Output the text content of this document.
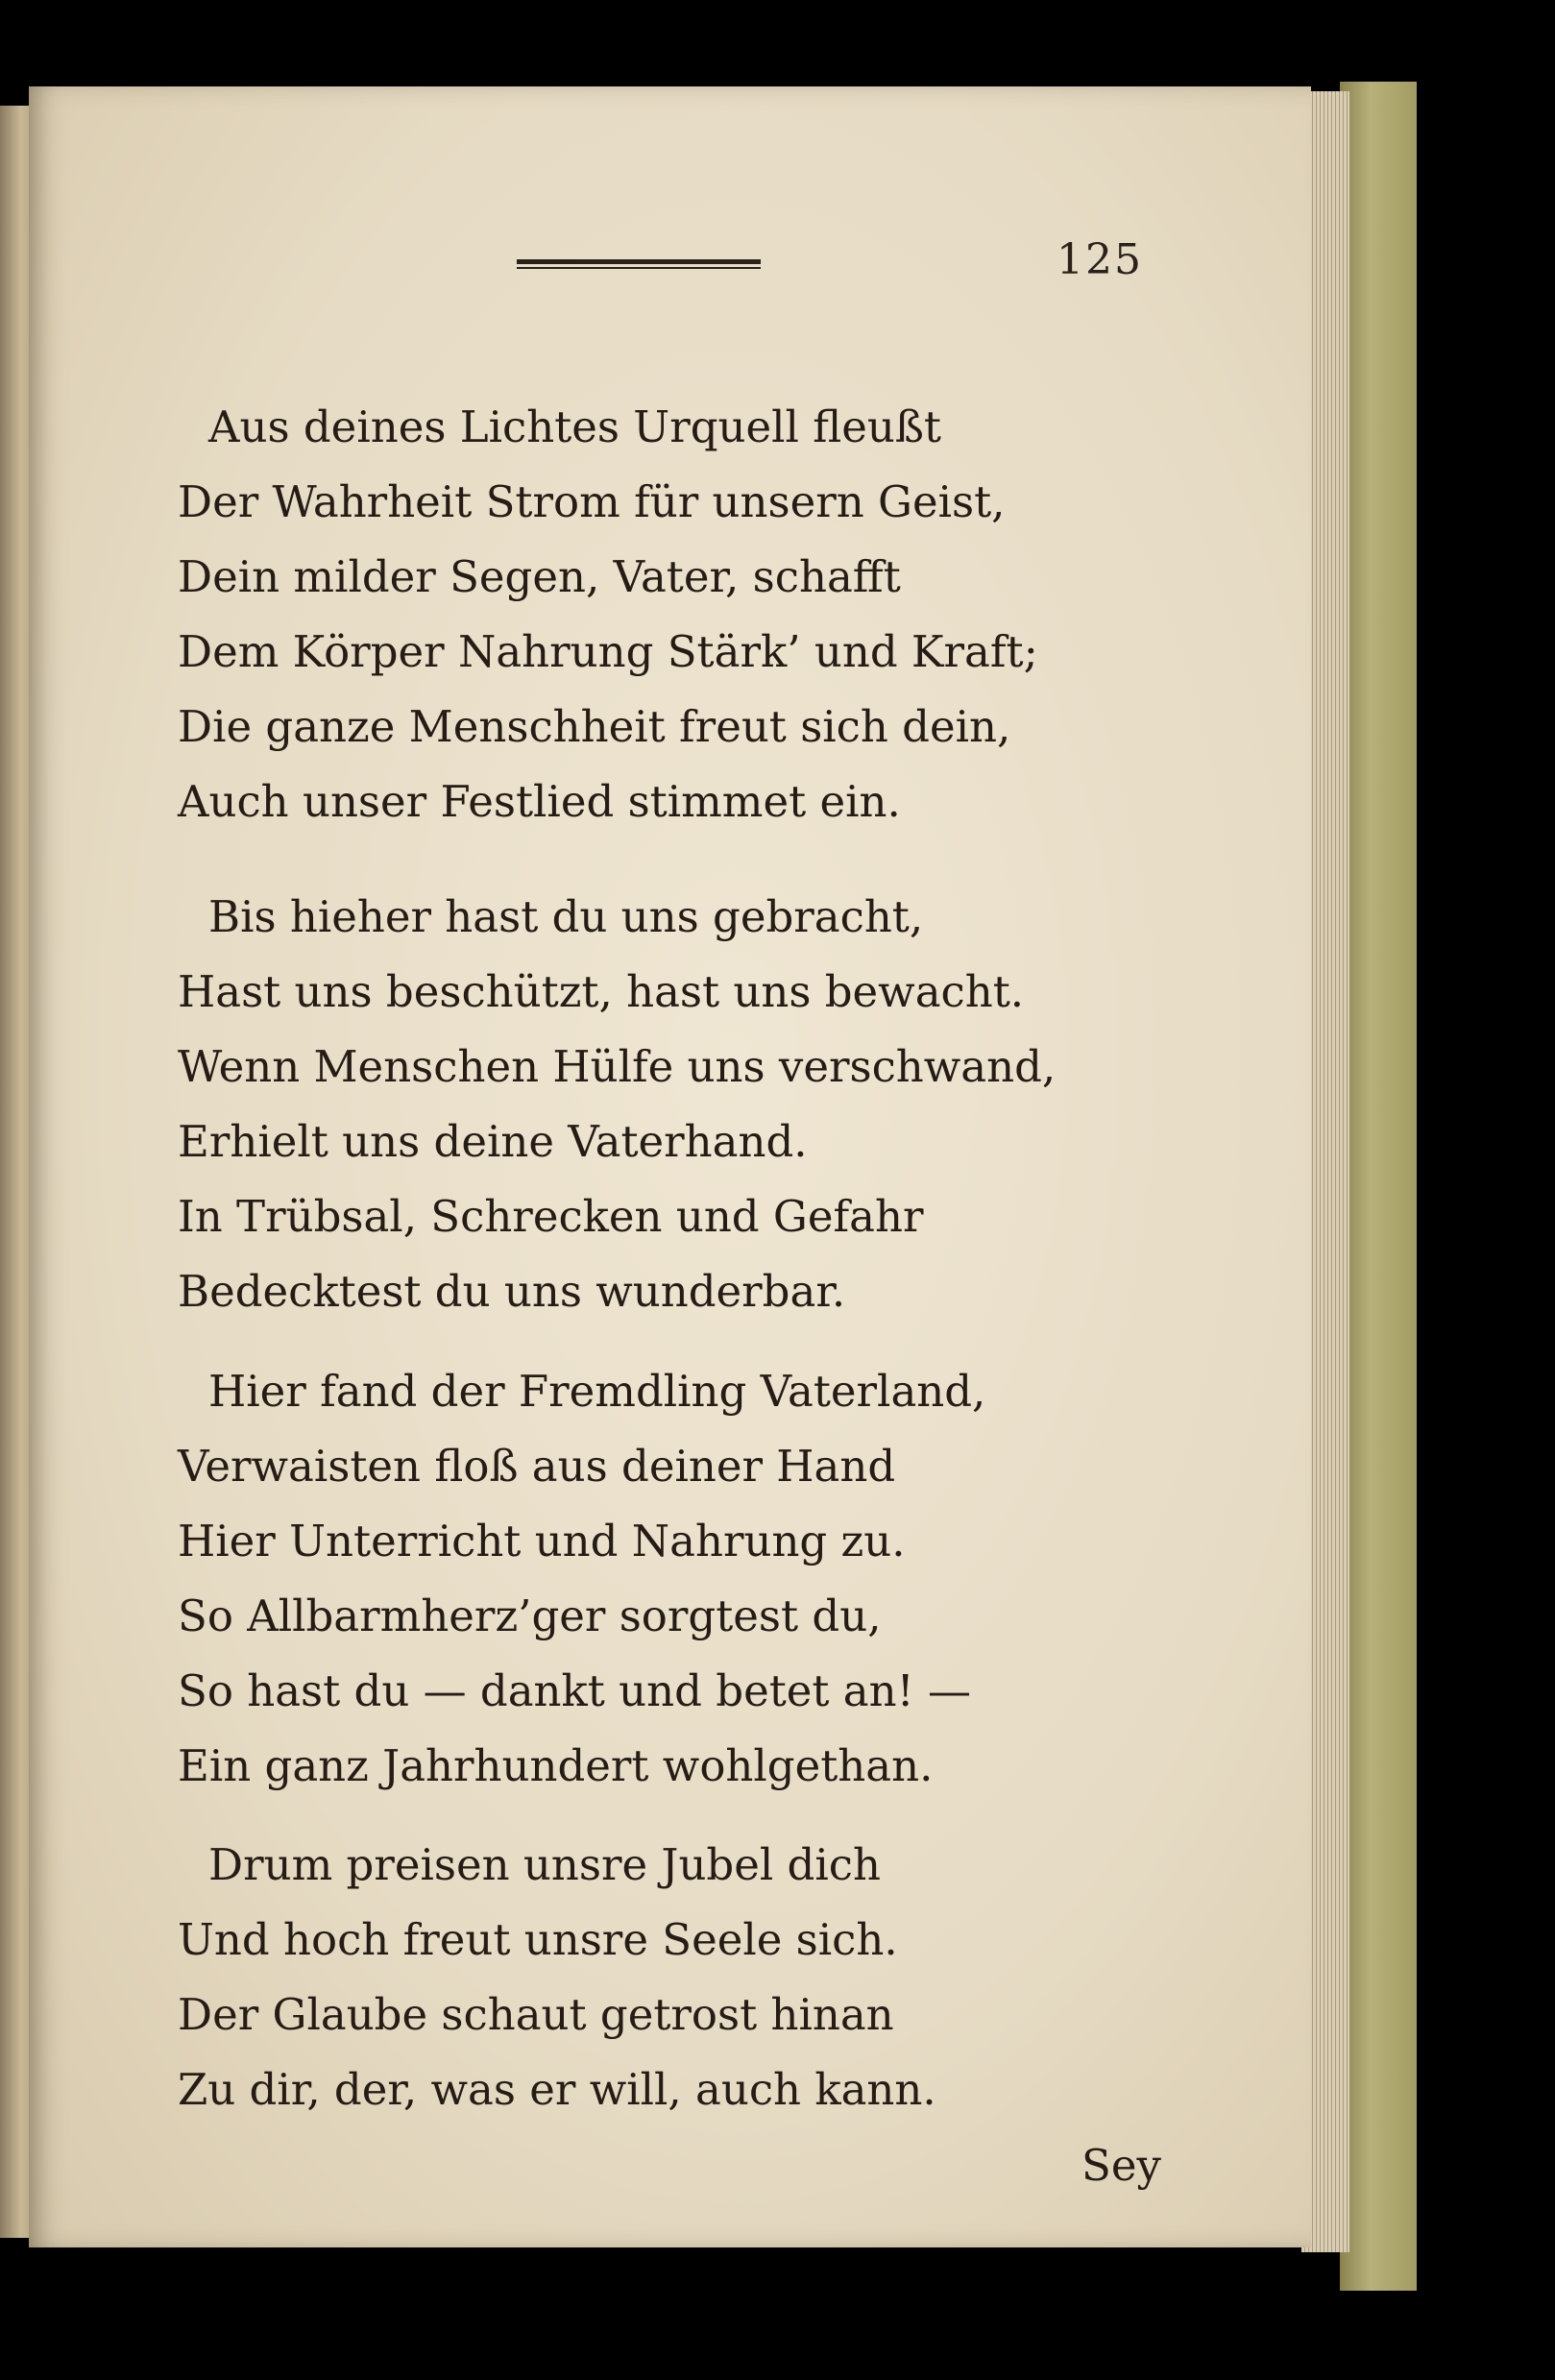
125
Aus deines Lichtes Urquell fleußt
Der Wahrheit Strom für unsern Geist,
Dein milder Segen, Vater, schafft
Dem Körper Nahrung Stärk’ und Kraft;
Die ganze Menschheit freut sich dein,
Auch unser Festlied stimmet ein.
Bis hieher hast du uns gebracht,
Hast uns beschützt, hast uns bewacht.
Wenn Menschen Hülfe uns verschwand,
Erhielt uns deine Vaterhand.
In Trübsal, Schrecken und Gefahr
Bedecktest du uns wunderbar.
Hier fand der Fremdling Vaterland,
Verwaisten floß aus deiner Hand
Hier Unterricht und Nahrung zu.
So Allbarmherz’ger sorgtest du,
So hast du — dankt und betet an! —
Ein ganz Jahrhundert wohlgethan.
Drum preisen unsre Jubel dich
Und hoch freut unsre Seele sich.
Der Glaube schaut getrost hinan
Zu dir, der, was er will, auch kann.
Sey
